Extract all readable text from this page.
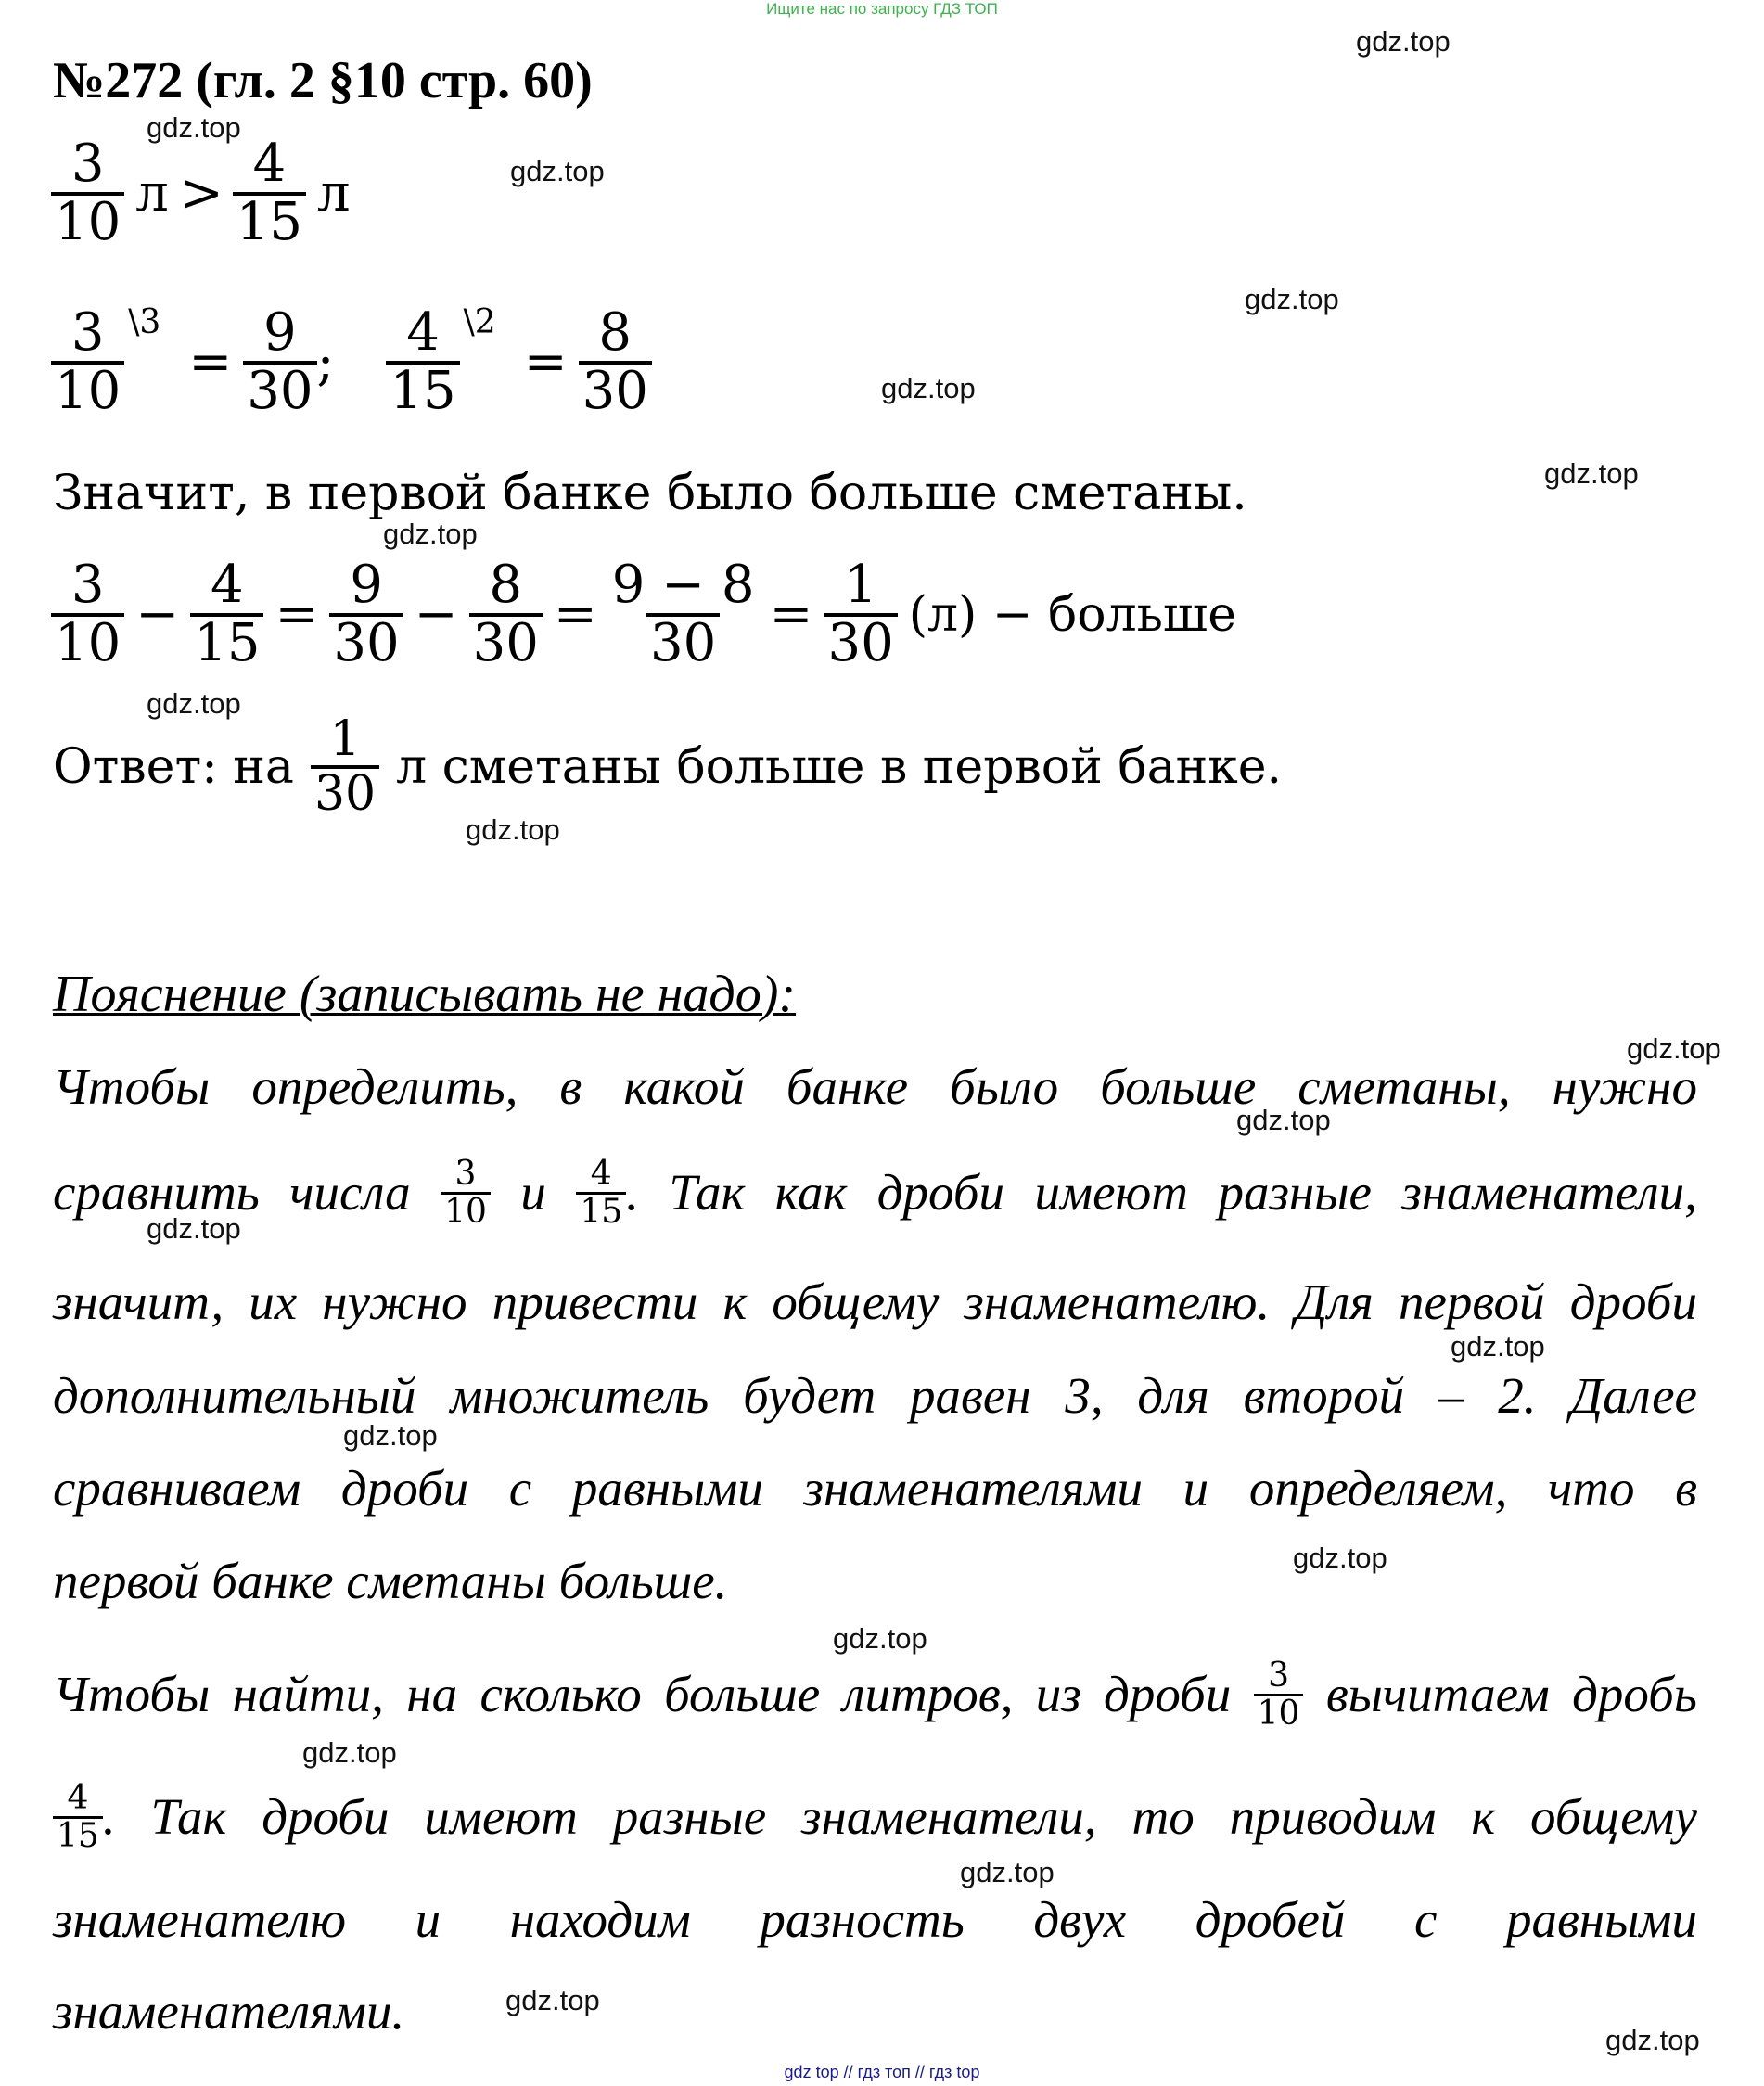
Ищите нас по запросу ГДЗ ТОП
№272 (гл. 2 §10 стр. 60)
$\frac{3}{10}$ $л > \frac{4}{15}$ л
$\frac{3}{10}$ \3
= $\frac{9}{30}$ ; $\frac{4}{15}$ \2
= $\frac{8}{30}$
Значит, в первой банке было больше сметаны.
$\frac{3}{10} - \frac{4}{15} = \frac{9}{30} - \frac{8}{30} = \frac{9 - 8}{30} = \frac{1}{30} (л)$ − больше
Ответ: на $\frac{1}{30}$ л сметаны больше в первой банке.
Пояснение (записывать не надо):
Чтобы определить, в какой банке было больше сметаны, нужно
сравнить числа $\frac{3}{10}$ и $\frac{4}{15}$ . Так как дроби имеют разные знаменатели,
значит, их нужно привести к общему знаменателю. Для первой дроби
дополнительный множитель будет равен 3, для второй – 2. Далее
сравниваем дроби с равными знаменателями и определяем, что в
первой банке сметаны больше.
Чтобы найти, на сколько больше литров, из дроби $\frac{3}{10}$ вычитаем дробь
$\frac{4}{15}$ . Так дроби имеют разные знаменатели, то приводим к общему
знаменателю и находим разность двух дробей с равными
знаменателями.
gdz.top
gdz.top
gdz.top
gdz.top
gdz.top
gdz.top
gdz.top
gdz.top
gdz.top
gdz.top
gdz.top
gdz.top
gdz.top
gdz.top
gdz.top
gdz.top
gdz.top
gdz.top
gdz.top
gdz.top
gdz top // гдз топ // гдз top
